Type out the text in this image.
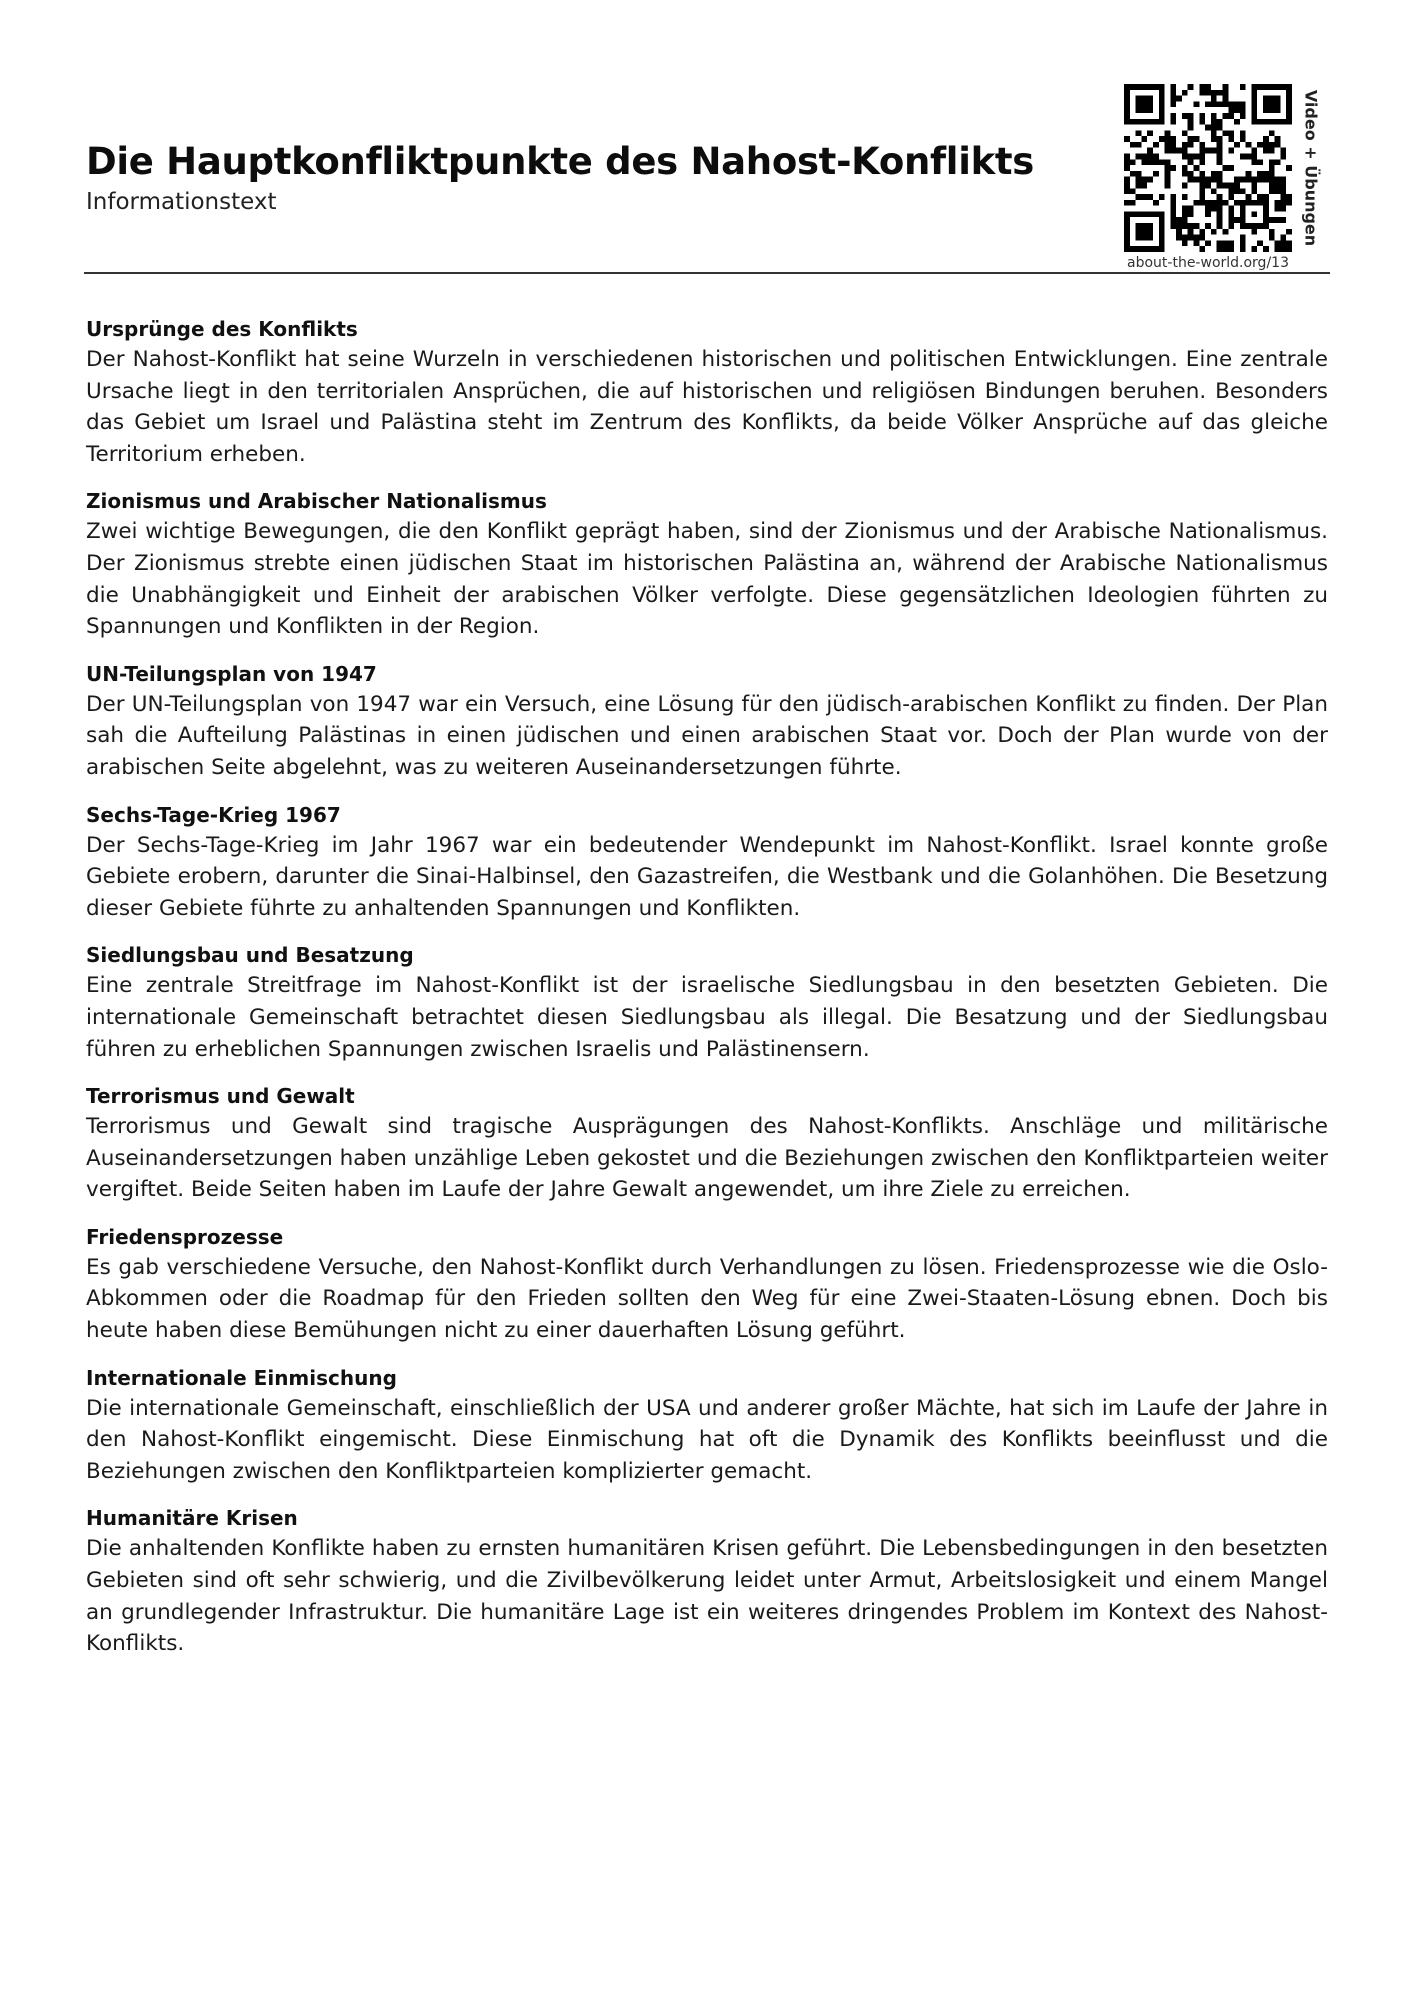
Die Hauptkonfliktpunkte des Nahost-Konflikts

Informationstext

about-the-world.org/13
Video + Übungen
Ursprünge des Konflikts

Der Nahost-Konflikt hat seine Wurzeln in verschiedenen historischen und politischen Entwicklungen. Eine zentrale Ursache liegt in den territorialen Ansprüchen, die auf historischen und religiösen Bindungen beruhen. Besonders das Gebiet um Israel und Palästina steht im Zentrum des Konflikts, da beide Völker Ansprüche auf das gleiche Territorium erheben.

Zionismus und Arabischer Nationalismus

Zwei wichtige Bewegungen, die den Konflikt geprägt haben, sind der Zionismus und der Arabische Nationalismus. Der Zionismus strebte einen jüdischen Staat im historischen Palästina an, während der Arabische Nationalismus die Unabhängigkeit und Einheit der arabischen Völker verfolgte. Diese gegensätzlichen Ideologien führten zu Spannungen und Konflikten in der Region.

UN-Teilungsplan von 1947

Der UN-Teilungsplan von 1947 war ein Versuch, eine Lösung für den jüdisch-arabischen Konflikt zu finden. Der Plan sah die Aufteilung Palästinas in einen jüdischen und einen arabischen Staat vor. Doch der Plan wurde von der arabischen Seite abgelehnt, was zu weiteren Auseinandersetzungen führte.

Sechs-Tage-Krieg 1967

Der Sechs-Tage-Krieg im Jahr 1967 war ein bedeutender Wendepunkt im Nahost-Konflikt. Israel konnte große Gebiete erobern, darunter die Sinai-Halbinsel, den Gazastreifen, die Westbank und die Golanhöhen. Die Besetzung dieser Gebiete führte zu anhaltenden Spannungen und Konflikten.

Siedlungsbau und Besatzung

Eine zentrale Streitfrage im Nahost-Konflikt ist der israelische Siedlungsbau in den besetzten Gebieten. Die internationale Gemeinschaft betrachtet diesen Siedlungsbau als illegal. Die Besatzung und der Siedlungsbau führen zu erheblichen Spannungen zwischen Israelis und Palästinensern.

Terrorismus und Gewalt

Terrorismus und Gewalt sind tragische Ausprägungen des Nahost-Konflikts. Anschläge und militärische Auseinandersetzungen haben unzählige Leben gekostet und die Beziehungen zwischen den Konfliktparteien weiter vergiftet. Beide Seiten haben im Laufe der Jahre Gewalt angewendet, um ihre Ziele zu erreichen.

Friedensprozesse

Es gab verschiedene Versuche, den Nahost-Konflikt durch Verhandlungen zu lösen. Friedensprozesse wie die Oslo-Abkommen oder die Roadmap für den Frieden sollten den Weg für eine Zwei-Staaten-Lösung ebnen. Doch bis heute haben diese Bemühungen nicht zu einer dauerhaften Lösung geführt.

Internationale Einmischung

Die internationale Gemeinschaft, einschließlich der USA und anderer großer Mächte, hat sich im Laufe der Jahre in den Nahost-Konflikt eingemischt. Diese Einmischung hat oft die Dynamik des Konflikts beeinflusst und die Beziehungen zwischen den Konfliktparteien komplizierter gemacht.

Humanitäre Krisen

Die anhaltenden Konflikte haben zu ernsten humanitären Krisen geführt. Die Lebensbedingungen in den besetzten Gebieten sind oft sehr schwierig, und die Zivilbevölkerung leidet unter Armut, Arbeitslosigkeit und einem Mangel an grundlegender Infrastruktur. Die humanitäre Lage ist ein weiteres dringendes Problem im Kontext des Nahost-Konflikts.
